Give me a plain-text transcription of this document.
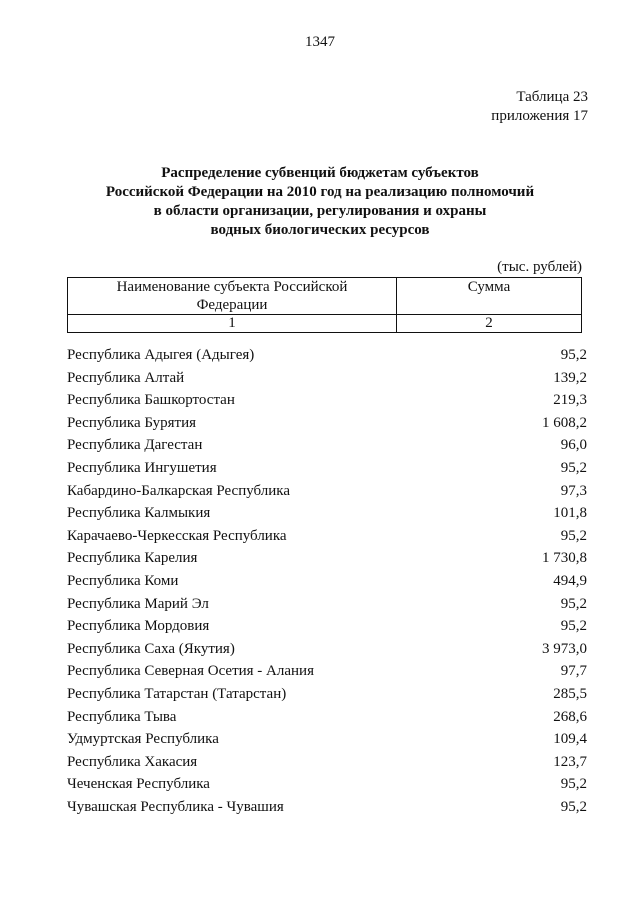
1347
Таблица 23
приложения 17
Распределение субвенций бюджетам субъектов
Российской Федерации на 2010 год на реализацию полномочий
в области организации, регулирования и охраны
водных биологических ресурсов
(тыс. рублей)
Наименование субъекта Российской
Федерации	Сумма
1	2
Республика Адыгея (Адыгея)	95,2
Республика Алтай	139,2
Республика Башкортостан	219,3
Республика Бурятия	1 608,2
Республика Дагестан	96,0
Республика Ингушетия	95,2
Кабардино-Балкарская Республика	97,3
Республика Калмыкия	101,8
Карачаево-Черкесская Республика	95,2
Республика Карелия	1 730,8
Республика Коми	494,9
Республика Марий Эл	95,2
Республика Мордовия	95,2
Республика Саха (Якутия)	3 973,0
Республика Северная Осетия - Алания	97,7
Республика Татарстан (Татарстан)	285,5
Республика Тыва	268,6
Удмуртская Республика	109,4
Республика Хакасия	123,7
Чеченская Республика	95,2
Чувашская Республика - Чувашия	95,2
